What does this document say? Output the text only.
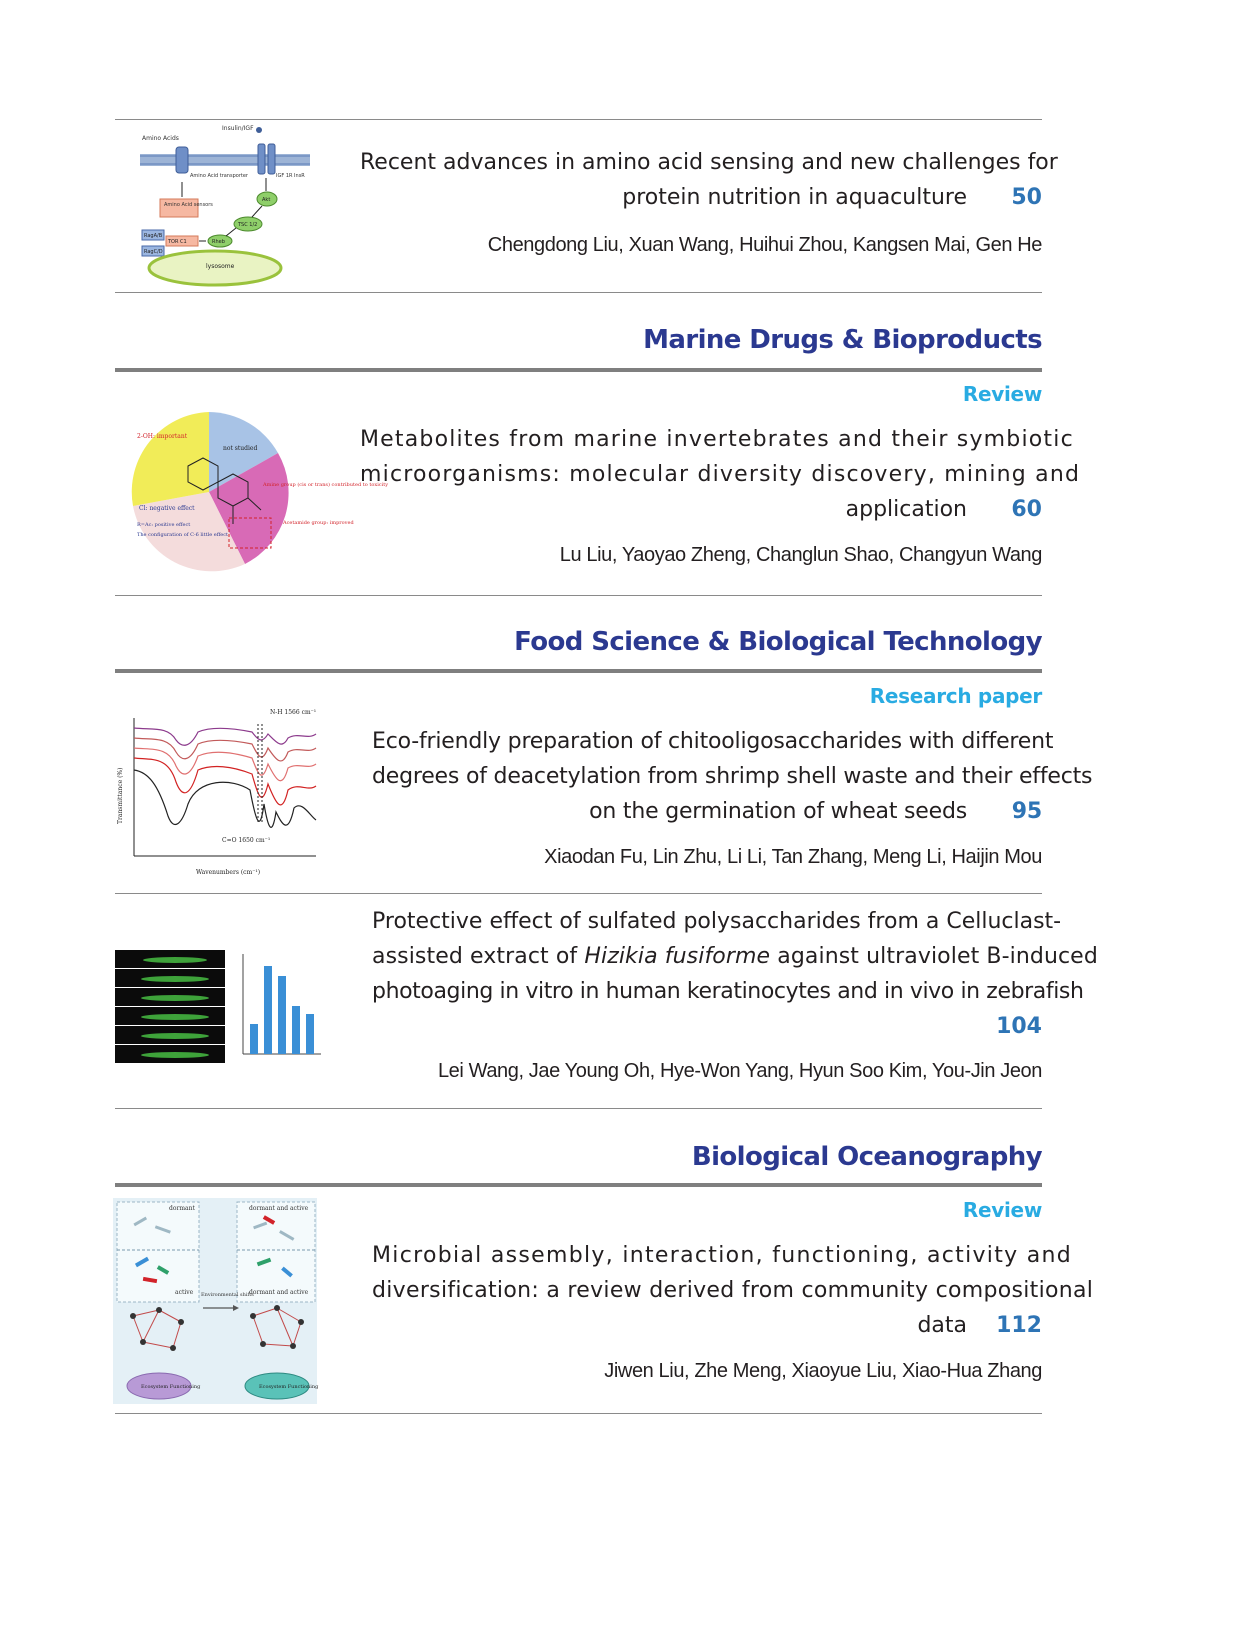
Amino Acids
Insulin/IGF
Amino Acid transporter	IGF 1R InsR
Akt
Amino Acid sensors
TSC 1/2
RagA/B
TOR C1	Rheb
RagC/D
lysosome
Recent advances in amino acid sensing and new challenges for
protein nutrition in aquaculture 50
Chengdong Liu, Xuan Wang, Huihui Zhou, Kangsen Mai, Gen He
Marine Drugs & Bioproducts
Review
2-OH: important
not studied
Cl: negative effect
Amine group (cis or trans) contributed to toxicity
Acetamide group: improved
R=Ac: positive effect
The configuration of C-6 little effect
Metabolites from marine invertebrates and their symbiotic
microorganisms: molecular diversity discovery, mining and
application 60
Lu Liu, Yaoyao Zheng, Changlun Shao, Changyun Wang
Food Science & Biological Technology
Research paper
N-H 1566 cm⁻¹
C=O 1650 cm⁻¹
Transmittance (%)
Wavenumbers (cm⁻¹)
Eco-friendly preparation of chitooligosaccharides with different
degrees of deacetylation from shrimp shell waste and their effects
on the germination of wheat seeds 95
Xiaodan Fu, Lin Zhu, Li Li, Tan Zhang, Meng Li, Haijin Mou
Protective effect of sulfated polysaccharides from a Celluclast-
assisted extract of Hizikia fusiforme against ultraviolet B-induced
photoaging in vitro in human keratinocytes and in vivo in zebrafish
104
Lei Wang, Jae Young Oh, Hye-Won Yang, Hyun Soo Kim, You-Jin Jeon
Biological Oceanography
Review
dormant	dormant and active
active	dormant and active
Environmental shifts
Ecosystem Functioning	Ecosystem Functioning
Microbial assembly, interaction, functioning, activity and
diversification: a review derived from community compositional
data 112
Jiwen Liu, Zhe Meng, Xiaoyue Liu, Xiao-Hua Zhang
